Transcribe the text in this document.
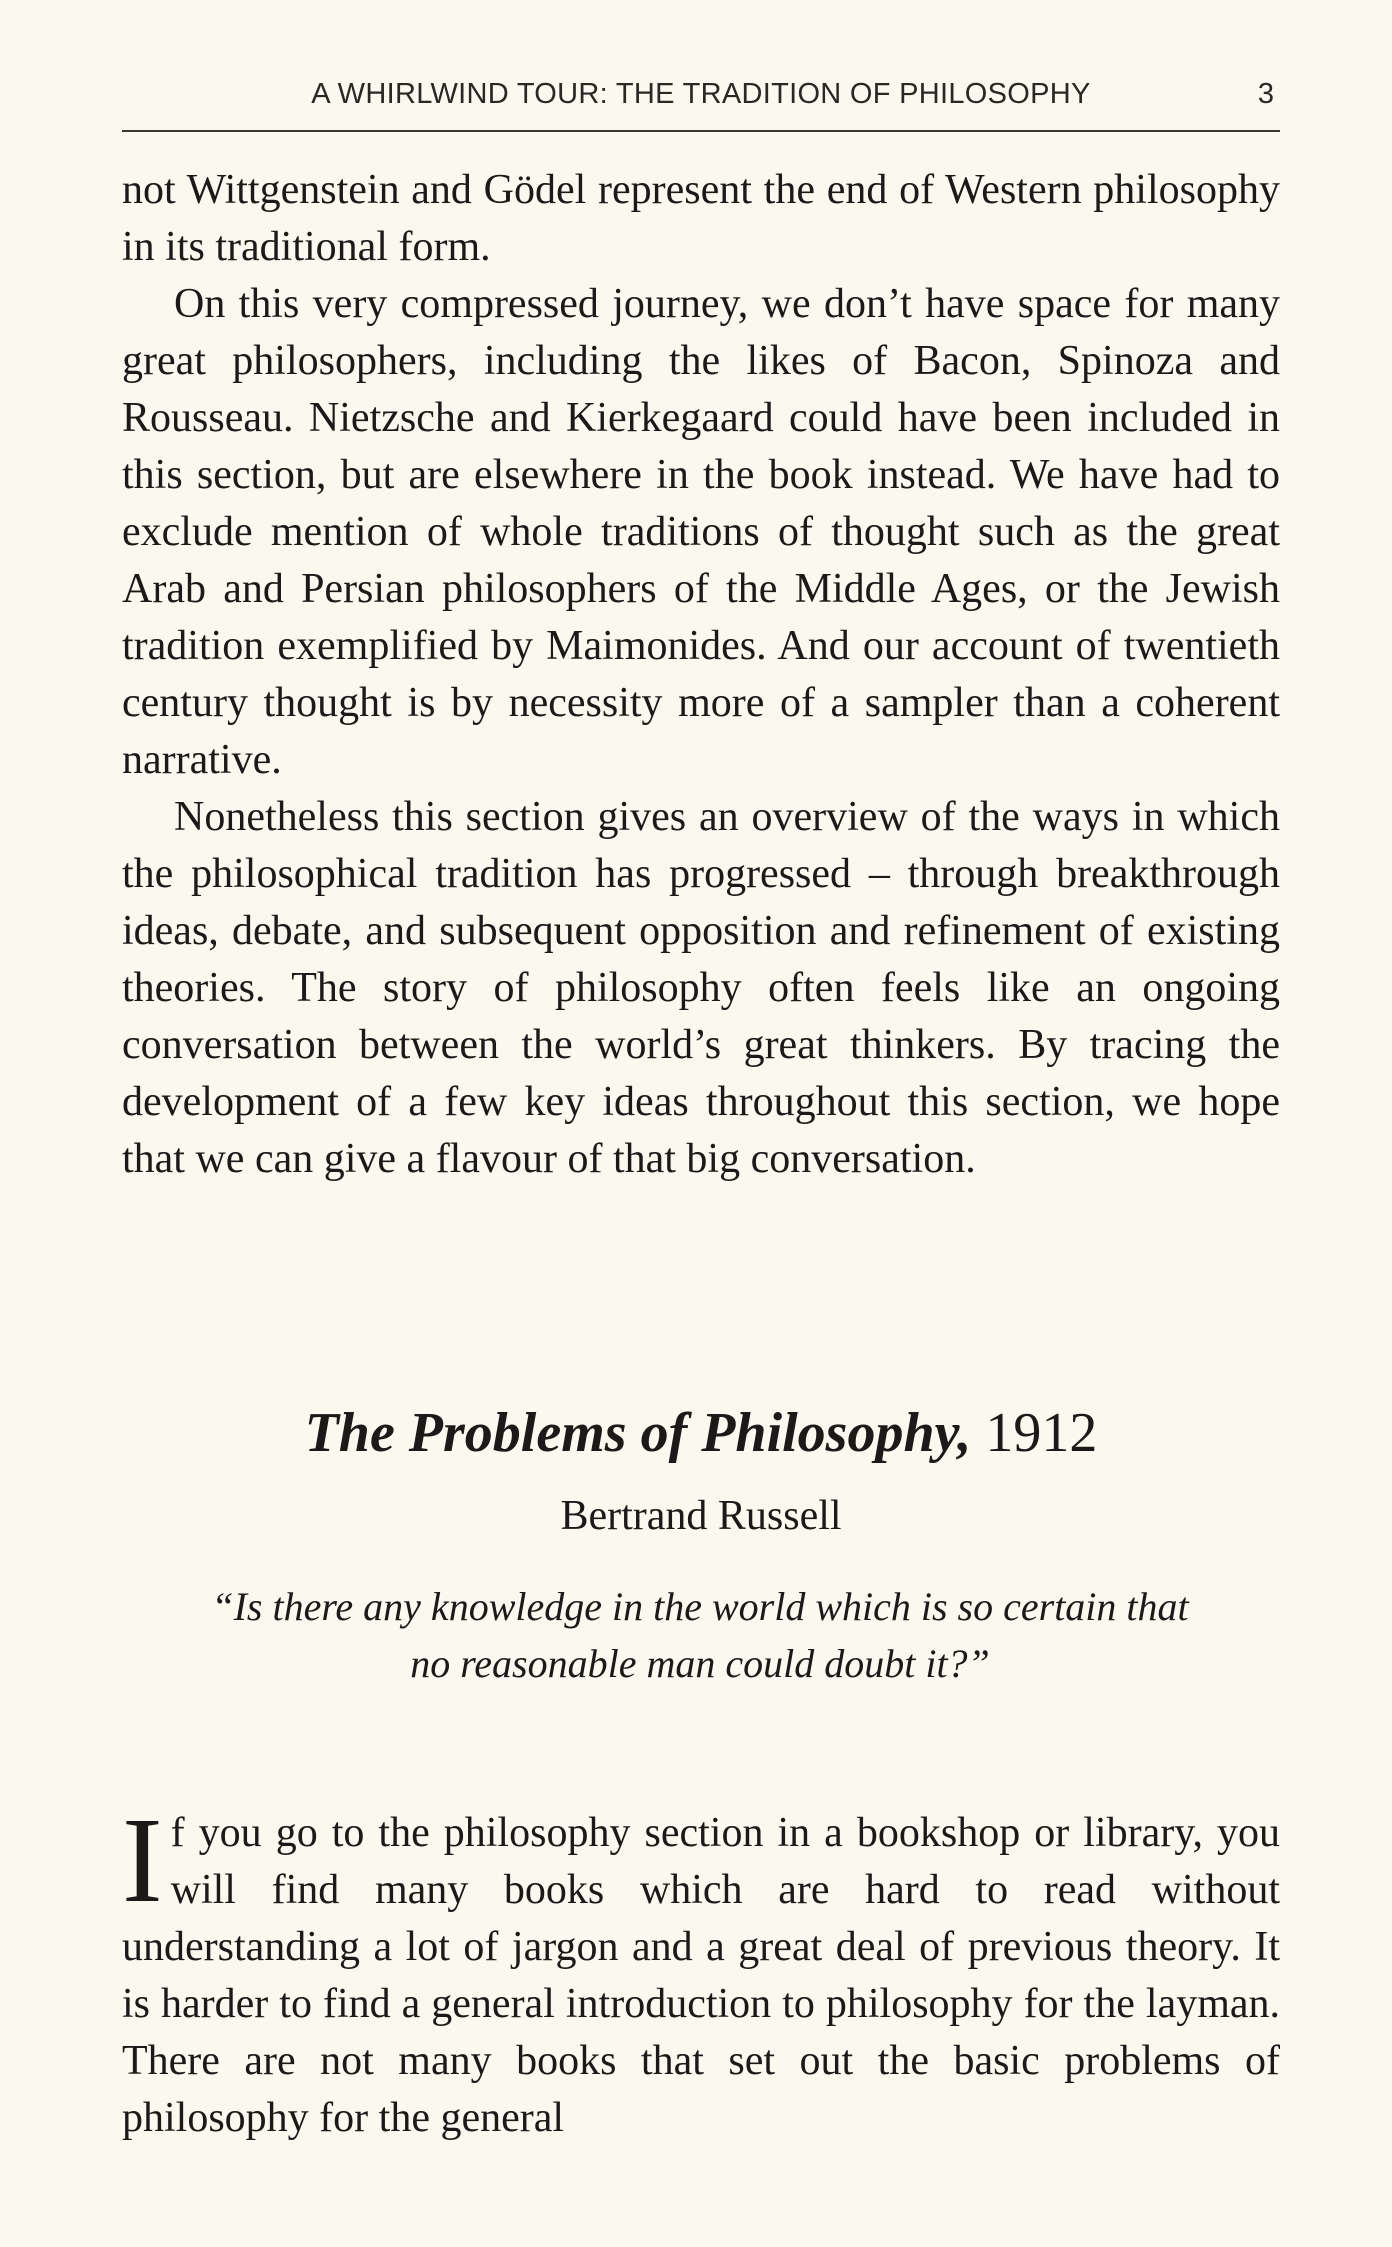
A WHIRLWIND TOUR: THE TRADITION OF PHILOSOPHY	3

not Wittgenstein and Gödel represent the end of Western philosophy in its traditional form.

On this very compressed journey, we don’t have space for many great philosophers, including the likes of Bacon, Spinoza and Rousseau. Nietzsche and Kierkegaard could have been included in this section, but are elsewhere in the book instead. We have had to exclude mention of whole traditions of thought such as the great Arab and Persian philosophers of the Middle Ages, or the Jewish tradition exemplified by Maimonides. And our account of twentieth century thought is by necessity more of a sampler than a coherent narrative.

Nonetheless this section gives an overview of the ways in which the philosophical tradition has progressed – through breakthrough ideas, debate, and subsequent opposition and refinement of existing theories. The story of philosophy often feels like an ongoing conversation between the world’s great thinkers. By tracing the development of a few key ideas throughout this section, we hope that we can give a flavour of that big conversation.

The Problems of Philosophy, 1912
Bertrand Russell
“Is there any knowledge in the world which is so certain that no reasonable man could doubt it?”

If you go to the philosophy section in a bookshop or library, you will find many books which are hard to read without understanding a lot of jargon and a great deal of previous theory. It is harder to find a general introduction to philosophy for the layman. There are not many books that set out the basic problems of philosophy for the general
